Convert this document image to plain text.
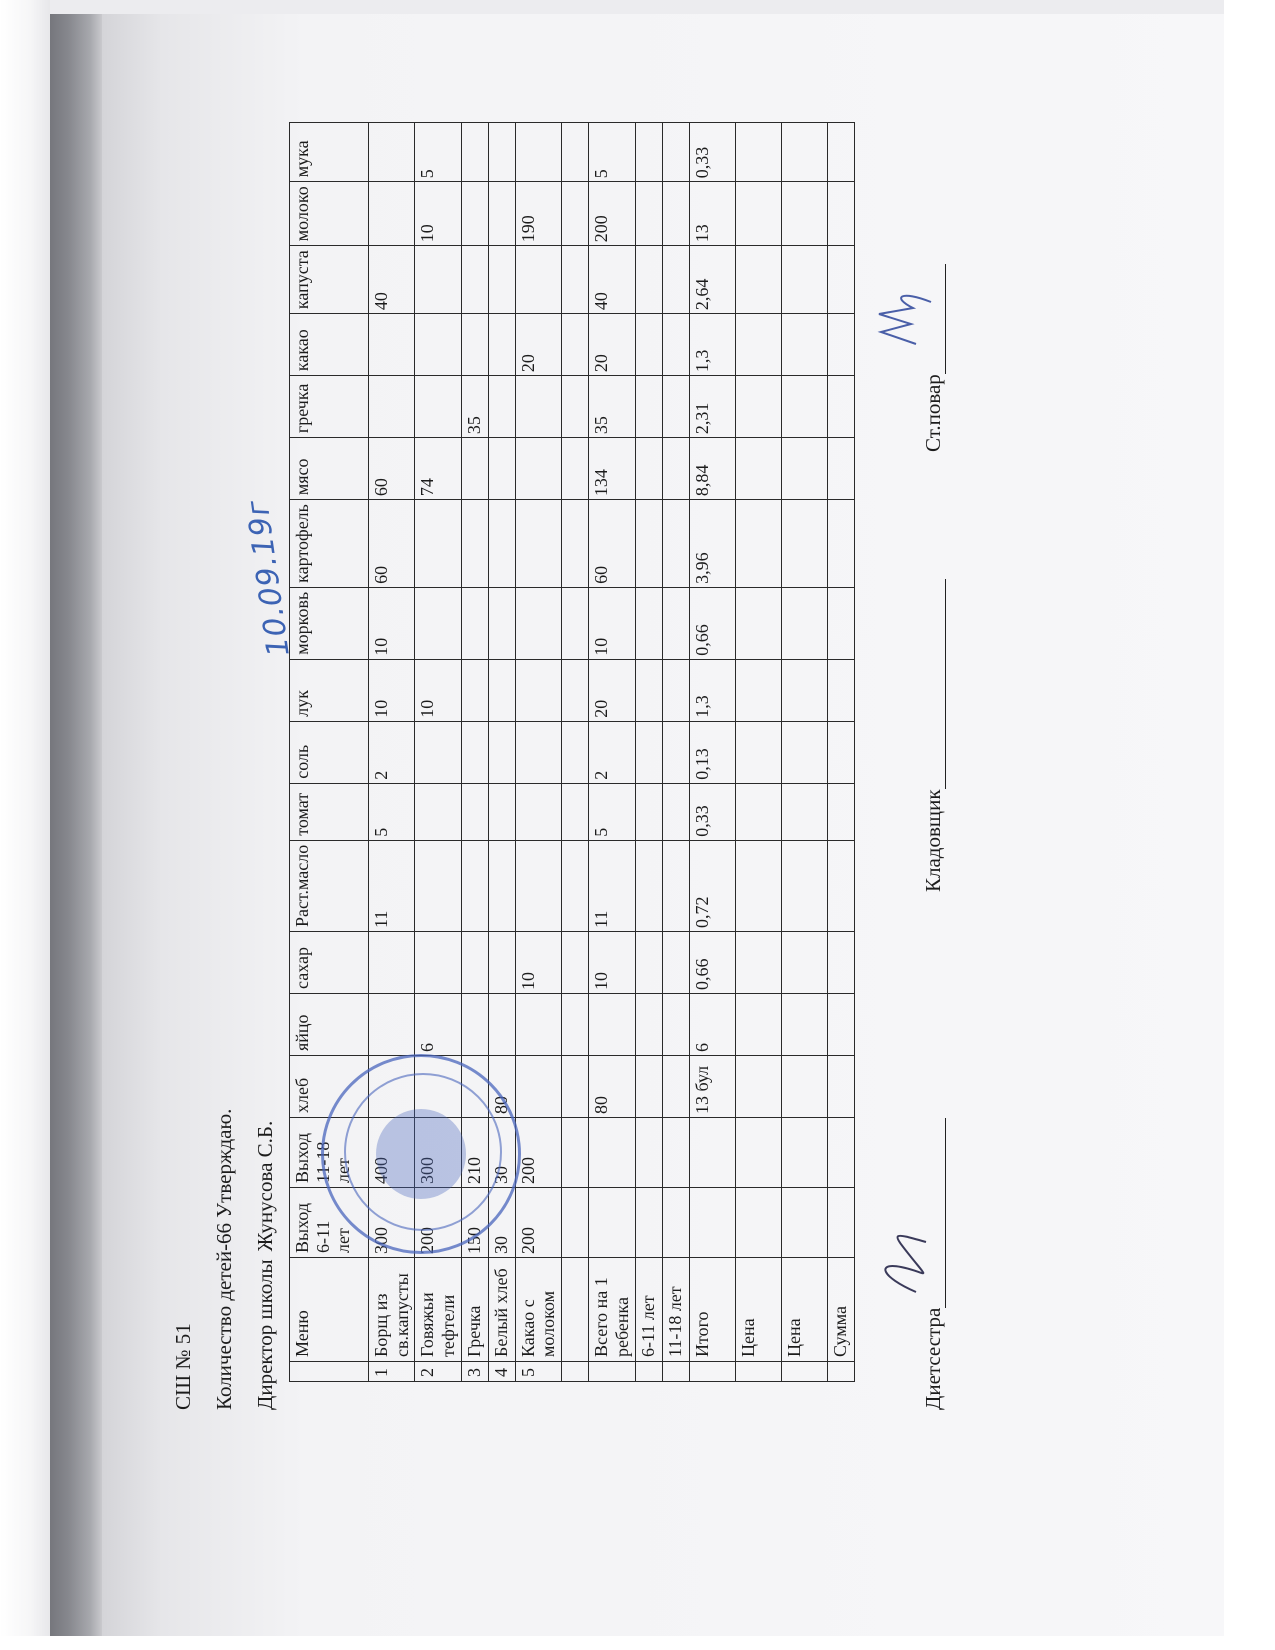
СШ № 51 Количество детей-66 Утверждаю. Директор школыЖунусова С.Б.
10.09.19г
	Меню	Выход 6-11 лет	Выход 11-18 лет	хлеб	яйцо	сахар	Раст.масло	томат	соль	лук	морковь	картофель	мясо	гречка	какао	капуста	молоко	мука
1	Борщ из св.капусты	300	400				11	5	2	10	10	60	60			40		
2	Говяжьи тефтели	200	300		6					10			74				10	5
3	Гречка	150	210											35				
4	Белый хлеб	30	30	80														
5	Какао с молоком	200	200			10									20		190	

	Всего на 1 ребенка			80		10	11	5	2	20	10	60	134	35	20	40	200	5
	6-11 лет																	
	11-18 лет																	
	Итого			13 бул	6	0,66	0,72	0,33	0,13	1,3	0,66	3,96	8,84	2,31	1,3	2,64	13	0,33
	Цена																	
	Цена																	
	Сумма																		Диетсестра
Кладовщик
Ст.повар
